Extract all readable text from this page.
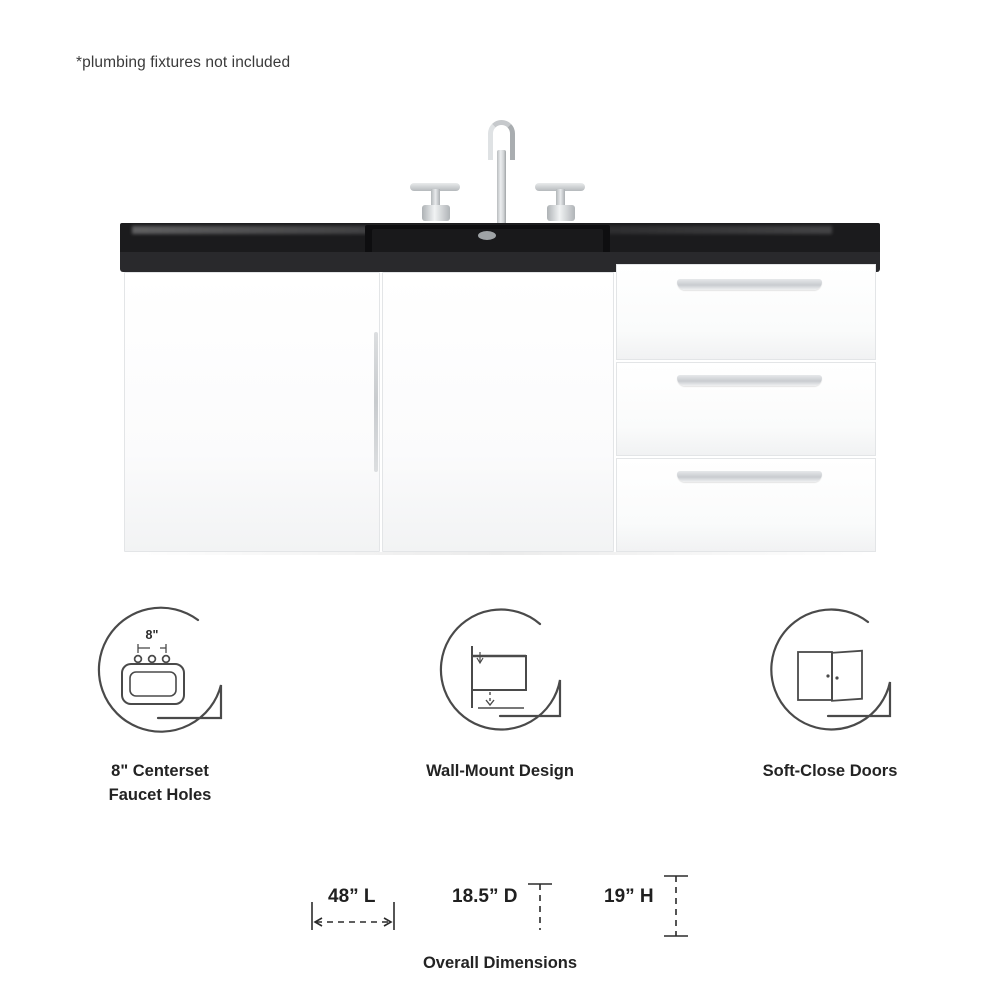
*plumbing fixtures not included
8"
8" Centerset
Faucet Holes
Wall-Mount Design	Soft-Close Doors
48” L	18.5” D	19” H
Overall Dimensions
